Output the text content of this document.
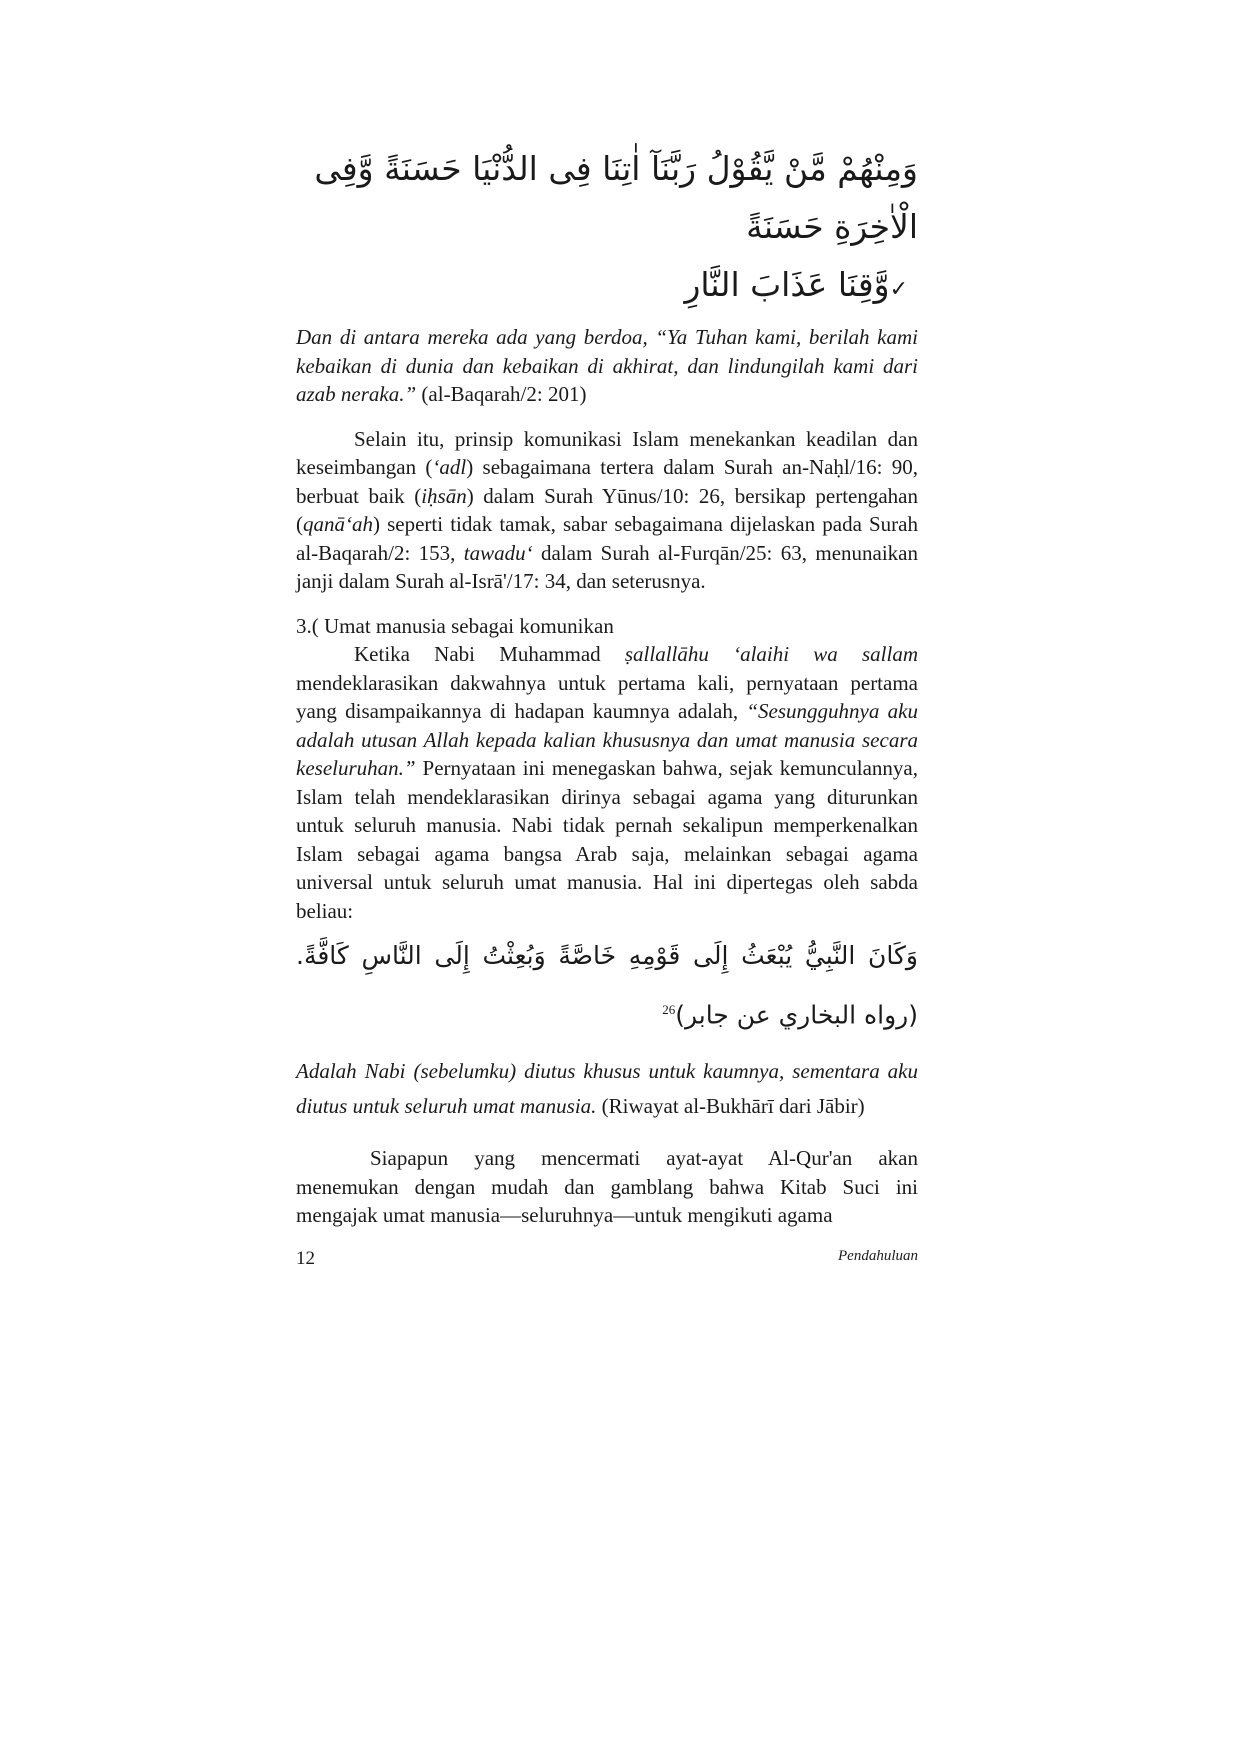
وَمِنْهُمْ مَّنْ يَّقُوْلُ رَبَّنَآ اٰتِنَا فِى الدُّنْيَا حَسَنَةً وَّفِى الْاٰخِرَةِ حَسَنَةً
✓وَّقِنَا عَذَابَ النَّارِ

Dan di antara mereka ada yang berdoa, “Ya Tuhan kami, berilah kami kebaikan di dunia dan kebaikan di akhirat, dan lindungilah kami dari azab neraka.” (al-Baqarah/2: 201)

Selain itu, prinsip komunikasi Islam menekankan keadilan dan keseimbangan (‘adl) sebagaimana tertera dalam Surah an-Naḥl/16: 90, berbuat baik (iḥsān) dalam Surah Yūnus/10: 26, bersikap pertengahan (qanā‘ah) seperti tidak tamak, sabar sebagaimana dijelaskan pada Surah al-Baqarah/2: 153, tawadu‘ dalam Surah al-Furqān/25: 63, menunaikan janji dalam Surah al-Isrā'/17: 34, dan seterusnya.

3.( Umat manusia sebagai komunikan

Ketika Nabi Muhammad ṣallallāhu ‘alaihi wa sallam mendeklarasikan dakwahnya untuk pertama kali, pernyataan pertama yang disampaikannya di hadapan kaumnya adalah, “Sesungguhnya aku adalah utusan Allah kepada kalian khususnya dan umat manusia secara keseluruhan.” Pernyataan ini menegaskan bahwa, sejak kemunculannya, Islam telah mendeklarasikan dirinya sebagai agama yang diturunkan untuk seluruh manusia. Nabi tidak pernah sekalipun memperkenalkan Islam sebagai agama bangsa Arab saja, melainkan sebagai agama universal untuk seluruh umat manusia. Hal ini dipertegas oleh sabda beliau:

وَكَانَ النَّبِيُّ يُبْعَثُ إِلَى قَوْمِهِ خَاصَّةً وَبُعِثْتُ إِلَى النَّاسِ كَافَّةً. (رواه البخاري عن جابر)$^{26}$

Adalah Nabi (sebelumku) diutus khusus untuk kaumnya, sementara aku diutus untuk seluruh umat manusia. (Riwayat al-Bukhārī dari Jābir)

Siapapun yang mencermati ayat-ayat Al-Qur'an akan menemukan dengan mudah dan gamblang bahwa Kitab Suci ini mengajak umat manusia—seluruhnya—untuk mengikuti agama

12	Pendahuluan
